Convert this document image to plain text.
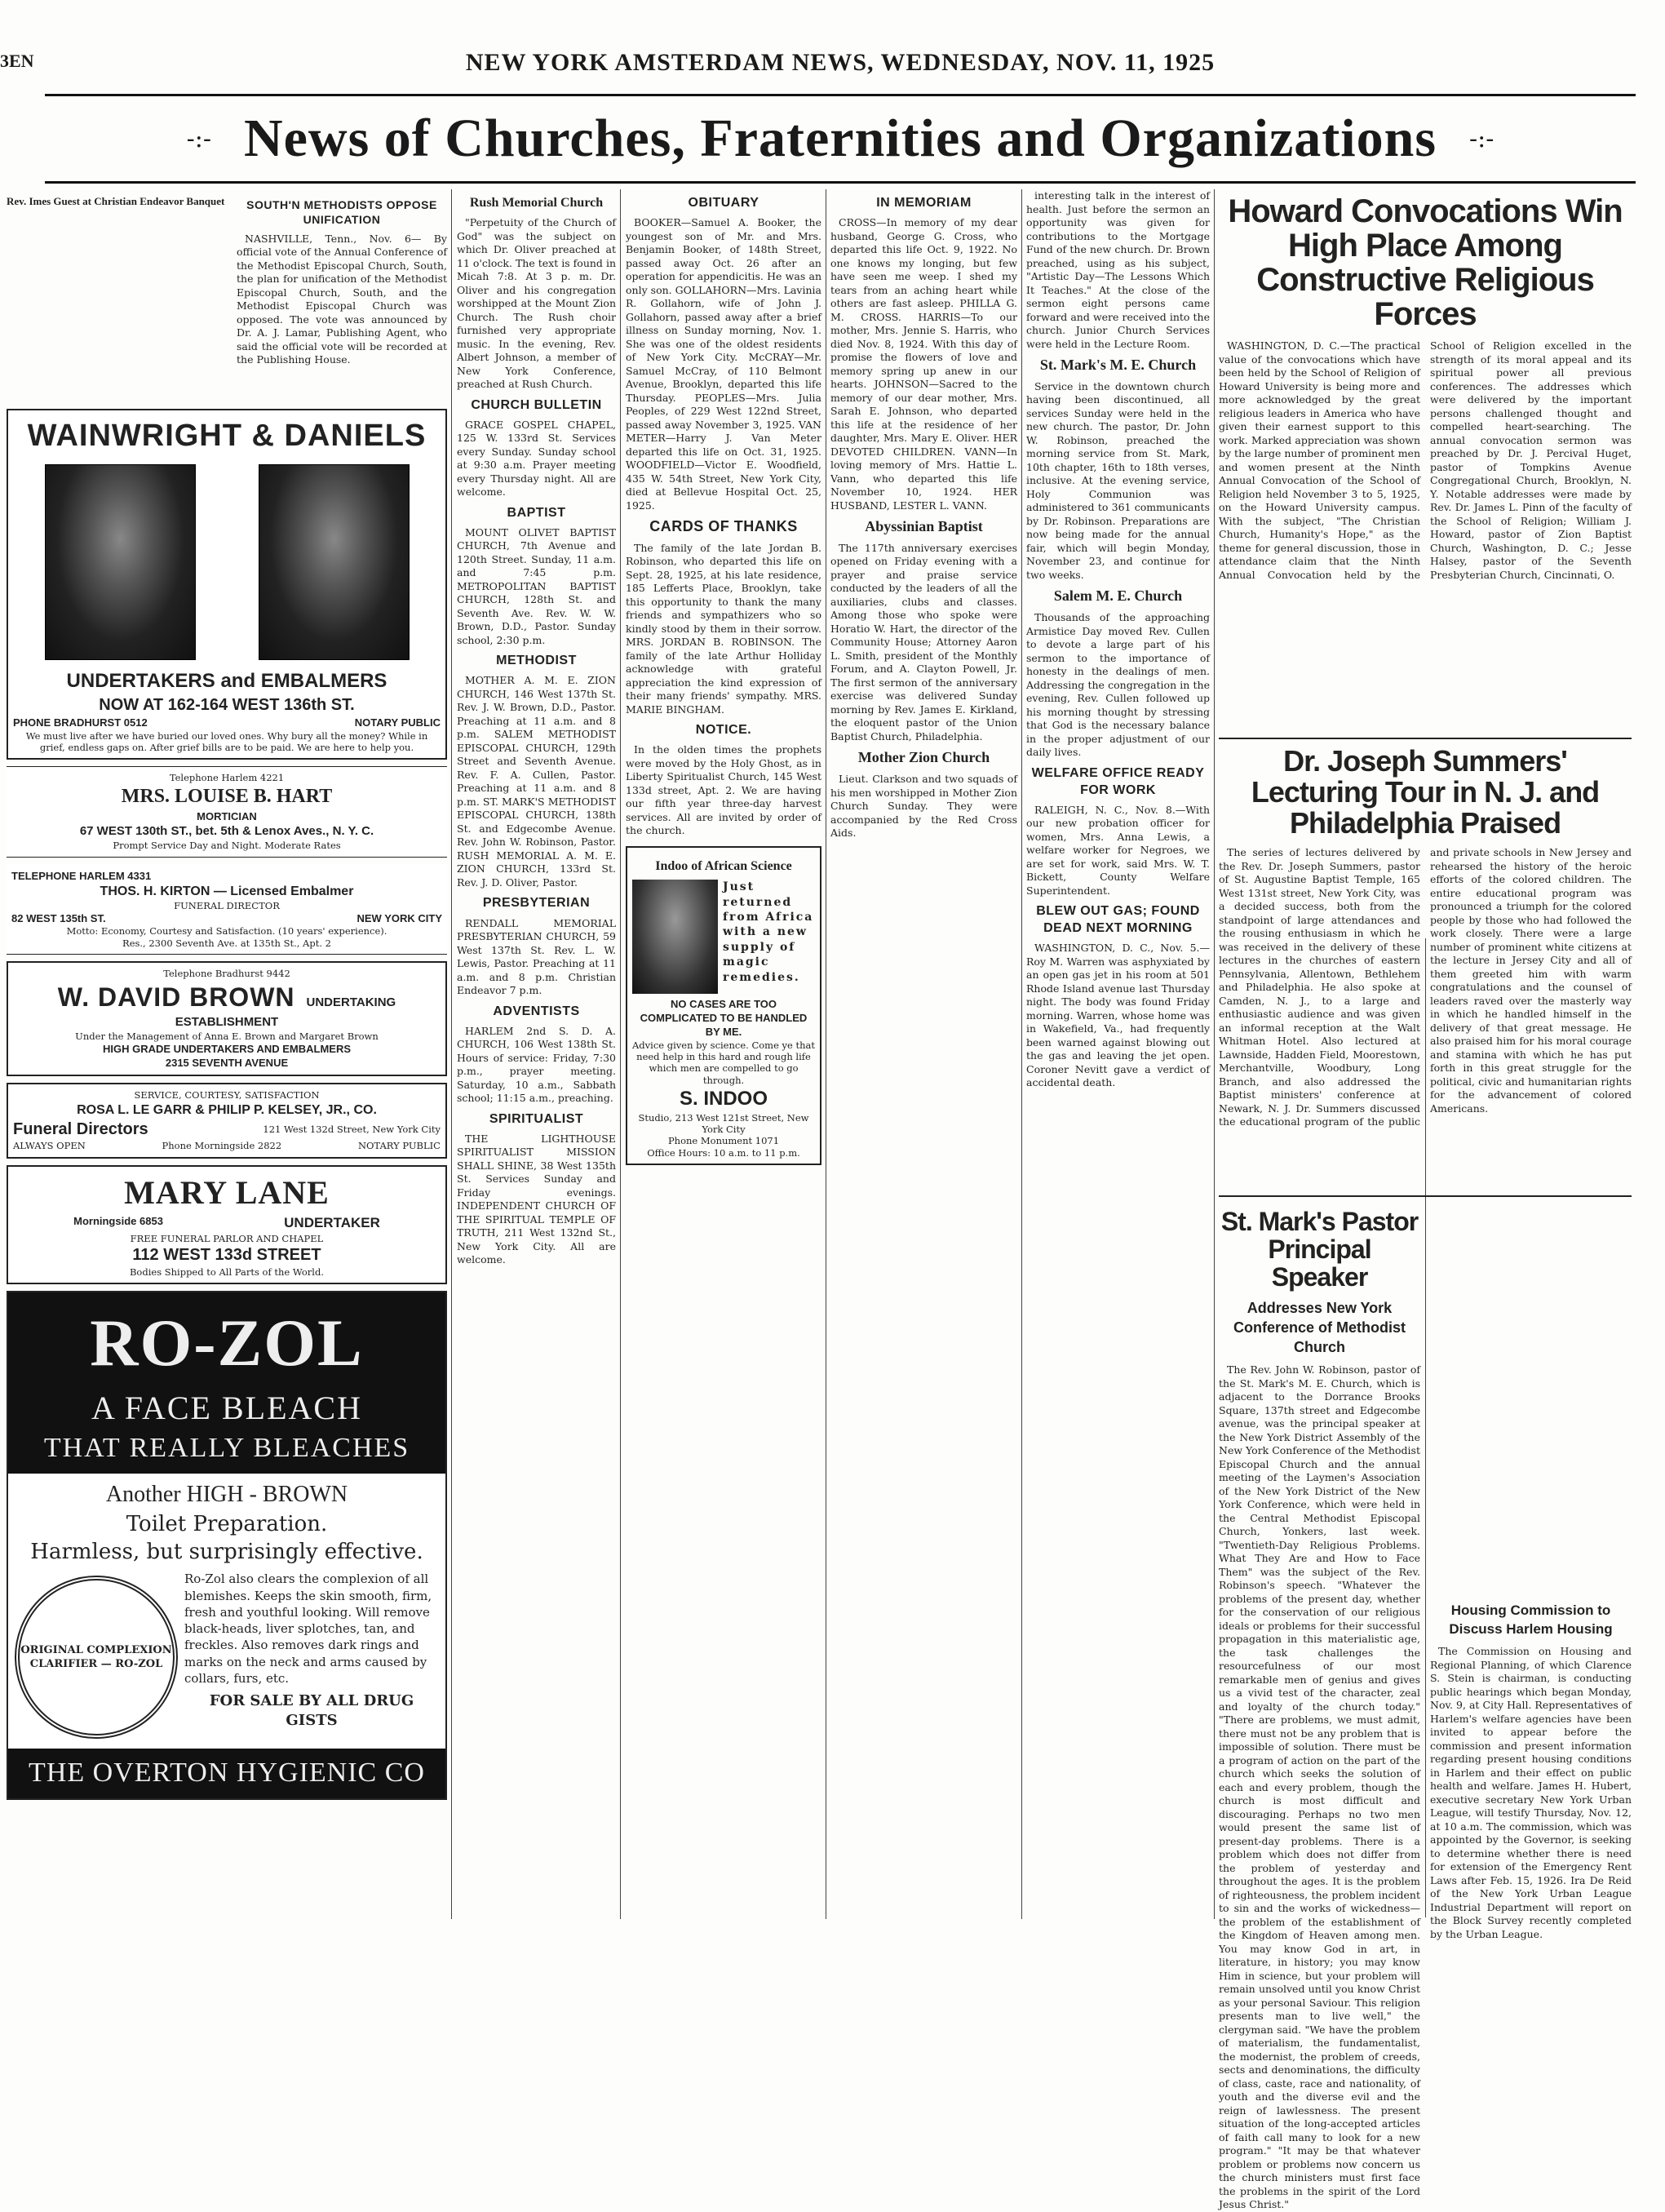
3EN	NEW YORK AMSTERDAM NEWS, WEDNESDAY, NOV. 11, 1925
-:- News of Churches, Fraternities and Organizations -:-
Rev. Imes Guest at Christian Endeavor Banquet
WAINWRIGHT & DANIELS
UNDERTAKERS and EMBALMERS
NOW AT 162-164 WEST 136th ST.
PHONE BRADHURST 0512	NOTARY PUBLIC
We must live after we have buried our loved ones. Why bury all the money? While in grief, endless gaps on. After grief bills are to be paid. We are here to help you.
Telephone Harlem 4221
MRS. LOUISE B. HART
MORTICIAN
67 WEST 130th ST., bet. 5th & Lenox Aves., N. Y. C.
Prompt Service Day and Night. Moderate Rates
TELEPHONE HARLEM 4331
THOS. H. KIRTON — Licensed Embalmer
FUNERAL DIRECTOR
82 WEST 135th ST.	NEW YORK CITY
Motto: Economy, Courtesy and Satisfaction. (10 years' experience).
Res., 2300 Seventh Ave. at 135th St., Apt. 2
Telephone Bradhurst 9442
W. DAVID BROWN UNDERTAKING ESTABLISHMENT
Under the Management of Anna E. Brown and Margaret Brown
HIGH GRADE UNDERTAKERS AND EMBALMERS
2315 SEVENTH AVENUE
SERVICE, COURTESY, SATISFACTION
ROSA L. LE GARR & PHILIP P. KELSEY, JR., CO.
Funeral Directors	121 West 132d Street, New York City
ALWAYS OPEN	Phone Morningside 2822	NOTARY PUBLIC
MARY LANE
Morningside 6853	UNDERTAKER
FREE FUNERAL PARLOR AND CHAPEL
112 WEST 133d STREET
Bodies Shipped to All Parts of the World.
RO-ZOL
A FACE BLEACH
THAT REALLY BLEACHES
Another HIGH - BROWN
Toilet Preparation.
Harmless, but surprisingly effective.
ORIGINAL COMPLEXION CLARIFIER — RO-ZOL
Ro-Zol also clears the complexion of all blemishes. Keeps the skin smooth, firm, fresh and youthful looking. Will remove black-heads, liver splotches, tan, and freckles. Also removes dark rings and marks on the neck and arms caused by collars, furs, etc.
FOR SALE BY ALL DRUG GISTS
THE OVERTON HYGIENIC CO
SOUTH'N METHODISTS OPPOSE UNIFICATION

NASHVILLE, Tenn., Nov. 6— By official vote of the Annual Conference of the Methodist Episcopal Church, South, the plan for unification of the Methodist Episcopal Church, South, and the Methodist Episcopal Church was opposed. The vote was announced by Dr. A. J. Lamar, Publishing Agent, who said the official vote will be recorded at the Publishing House.

Rush Memorial Church

"Perpetuity of the Church of God" was the subject on which Dr. Oliver preached at 11 o'clock. The text is found in Micah 7:8. At 3 p. m. Dr. Oliver and his congregation worshipped at the Mount Zion Church. The Rush choir furnished very appropriate music. In the evening, Rev. Albert Johnson, a member of New York Conference, preached at Rush Church.

CHURCH BULLETIN

GRACE GOSPEL CHAPEL, 125 W. 133rd St. Services every Sunday. Sunday school at 9:30 a.m. Prayer meeting every Thursday night. All are welcome.

BAPTIST

MOUNT OLIVET BAPTIST CHURCH, 7th Avenue and 120th Street. Sunday, 11 a.m. and 7:45 p.m. METROPOLITAN BAPTIST CHURCH, 128th St. and Seventh Ave. Rev. W. W. Brown, D.D., Pastor. Sunday school, 2:30 p.m.

METHODIST

MOTHER A. M. E. ZION CHURCH, 146 West 137th St. Rev. J. W. Brown, D.D., Pastor. Preaching at 11 a.m. and 8 p.m. SALEM METHODIST EPISCOPAL CHURCH, 129th Street and Seventh Avenue. Rev. F. A. Cullen, Pastor. Preaching at 11 a.m. and 8 p.m. ST. MARK'S METHODIST EPISCOPAL CHURCH, 138th St. and Edgecombe Avenue. Rev. John W. Robinson, Pastor. RUSH MEMORIAL A. M. E. ZION CHURCH, 133rd St. Rev. J. D. Oliver, Pastor.

PRESBYTERIAN

RENDALL MEMORIAL PRESBYTERIAN CHURCH, 59 West 137th St. Rev. L. W. Lewis, Pastor. Preaching at 11 a.m. and 8 p.m. Christian Endeavor 7 p.m.

ADVENTISTS

HARLEM 2nd S. D. A. CHURCH, 106 West 138th St. Hours of service: Friday, 7:30 p.m., prayer meeting. Saturday, 10 a.m., Sabbath school; 11:15 a.m., preaching.

SPIRITUALIST

THE LIGHTHOUSE SPIRITUALIST MISSION SHALL SHINE, 38 West 135th St. Services Sunday and Friday evenings. INDEPENDENT CHURCH OF THE SPIRITUAL TEMPLE OF TRUTH, 211 West 132nd St., New York City. All are welcome.

OBITUARY

BOOKER—Samuel A. Booker, the youngest son of Mr. and Mrs. Benjamin Booker, of 148th Street, passed away Oct. 26 after an operation for appendicitis. He was an only son. GOLLAHORN—Mrs. Lavinia R. Gollahorn, wife of John J. Gollahorn, passed away after a brief illness on Sunday morning, Nov. 1. She was one of the oldest residents of New York City. McCRAY—Mr. Samuel McCray, of 110 Belmont Avenue, Brooklyn, departed this life Thursday. PEOPLES—Mrs. Julia Peoples, of 229 West 122nd Street, passed away November 3, 1925. VAN METER—Harry J. Van Meter departed this life on Oct. 31, 1925. WOODFIELD—Victor E. Woodfield, 435 W. 54th Street, New York City, died at Bellevue Hospital Oct. 25, 1925.

CARDS OF THANKS

The family of the late Jordan B. Robinson, who departed this life on Sept. 28, 1925, at his late residence, 185 Lefferts Place, Brooklyn, take this opportunity to thank the many friends and sympathizers who so kindly stood by them in their sorrow. MRS. JORDAN B. ROBINSON. The family of the late Arthur Holliday acknowledge with grateful appreciation the kind expression of their many friends' sympathy. MRS. MARIE BINGHAM.

NOTICE.

In the olden times the prophets were moved by the Holy Ghost, as in Liberty Spiritualist Church, 145 West 133d street, Apt. 2. We are having our fifth year three-day harvest services. All are invited by order of the church.

Indoo of African Science
Just returned from Africa with a new supply of magic remedies.
NO CASES ARE TOO COMPLICATED TO BE HANDLED BY ME.
Advice given by science. Come ye that need help in this hard and rough life which men are compelled to go through.
S. INDOO
Studio, 213 West 121st Street, New York City
Phone Monument 1071
Office Hours: 10 a.m. to 11 p.m.
IN MEMORIAM

CROSS—In memory of my dear husband, George G. Cross, who departed this life Oct. 9, 1922. No one knows my longing, but few have seen me weep. I shed my tears from an aching heart while others are fast asleep. PHILLA G. M. CROSS. HARRIS—To our mother, Mrs. Jennie S. Harris, who died Nov. 8, 1924. With this day of promise the flowers of love and memory spring up anew in our hearts. JOHNSON—Sacred to the memory of our dear mother, Mrs. Sarah E. Johnson, who departed this life at the residence of her daughter, Mrs. Mary E. Oliver. HER DEVOTED CHILDREN. VANN—In loving memory of Mrs. Hattie L. Vann, who departed this life November 10, 1924. HER HUSBAND, LESTER L. VANN.

Abyssinian Baptist

The 117th anniversary exercises opened on Friday evening with a prayer and praise service conducted by the leaders of all the auxiliaries, clubs and classes. Among those who spoke were Horatio W. Hart, the director of the Community House; Attorney Aaron L. Smith, president of the Monthly Forum, and A. Clayton Powell, Jr. The first sermon of the anniversary exercise was delivered Sunday morning by Rev. James E. Kirkland, the eloquent pastor of the Union Baptist Church, Philadelphia.

Mother Zion Church

Lieut. Clarkson and two squads of his men worshipped in Mother Zion Church Sunday. They were accompanied by the Red Cross Aids.

interesting talk in the interest of health. Just before the sermon an opportunity was given for contributions to the Mortgage Fund of the new church. Dr. Brown preached, using as his subject, "Artistic Day—The Lessons Which It Teaches." At the close of the sermon eight persons came forward and were received into the church. Junior Church Services were held in the Lecture Room.

St. Mark's M. E. Church

Service in the downtown church having been discontinued, all services Sunday were held in the new church. The pastor, Dr. John W. Robinson, preached the morning service from St. Mark, 10th chapter, 16th to 18th verses, inclusive. At the evening service, Holy Communion was administered to 361 communicants by Dr. Robinson. Preparations are now being made for the annual fair, which will begin Monday, November 23, and continue for two weeks.

Salem M. E. Church

Thousands of the approaching Armistice Day moved Rev. Cullen to devote a large part of his sermon to the importance of honesty in the dealings of men. Addressing the congregation in the evening, Rev. Cullen followed up his morning thought by stressing that God is the necessary balance in the proper adjustment of our daily lives.

WELFARE OFFICE READY FOR WORK

RALEIGH, N. C., Nov. 8.—With our new probation officer for women, Mrs. Anna Lewis, a welfare worker for Negroes, we are set for work, said Mrs. W. T. Bickett, County Welfare Superintendent.

BLEW OUT GAS; FOUND DEAD NEXT MORNING

WASHINGTON, D. C., Nov. 5.—Roy M. Warren was asphyxiated by an open gas jet in his room at 501 Rhode Island avenue last Thursday night. The body was found Friday morning. Warren, whose home was in Wakefield, Va., had frequently been warned against blowing out the gas and leaving the jet open. Coroner Nevitt gave a verdict of accidental death.

Howard Convocations Win High Place Among Constructive Religious Forces

WASHINGTON, D. C.—The practical value of the convocations which have been held by the School of Religion of Howard University is being more and more acknowledged by the great religious leaders in America who have given their earnest support to this work. Marked appreciation was shown by the large number of prominent men and women present at the Ninth Annual Convocation of the School of Religion held November 3 to 5, 1925, on the Howard University campus. With the subject, "The Christian Church, Humanity's Hope," as the theme for general discussion, those in attendance claim that the Ninth Annual Convocation held by the School of Religion excelled in the strength of its moral appeal and its spiritual power all previous conferences. The addresses which were delivered by the important persons challenged thought and compelled heart-searching. The annual convocation sermon was preached by Dr. J. Percival Huget, pastor of Tompkins Avenue Congregational Church, Brooklyn, N. Y. Notable addresses were made by Rev. Dr. James L. Pinn of the faculty of the School of Religion; William J. Howard, pastor of Zion Baptist Church, Washington, D. C.; Jesse Halsey, pastor of the Seventh Presbyterian Church, Cincinnati, O.

Dr. Joseph Summers' Lecturing Tour in N. J. and Philadelphia Praised

The series of lectures delivered by the Rev. Dr. Joseph Summers, pastor of St. Augustine Baptist Temple, 165 West 131st street, New York City, was a decided success, both from the standpoint of large attendances and the rousing enthusiasm in which he was received in the delivery of these lectures in the churches of eastern Pennsylvania, Allentown, Bethlehem and Philadelphia. He also spoke at Camden, N. J., to a large and enthusiastic audience and was given an informal reception at the Walt Whitman Hotel. Also lectured at Lawnside, Hadden Field, Moorestown, Merchantville, Woodbury, Long Branch, and also addressed the Baptist ministers' conference at Newark, N. J. Dr. Summers discussed the educational program of the public and private schools in New Jersey and rehearsed the history of the heroic efforts of the colored children. The entire educational program was pronounced a triumph for the colored people by those who had followed the work closely. There were a large number of prominent white citizens at the lecture in Jersey City and all of them greeted him with warm congratulations and the counsel of leaders raved over the masterly way in which he handled himself in the delivery of that great message. He also praised him for his moral courage and stamina with which he has put forth in this great struggle for the political, civic and humanitarian rights for the advancement of colored Americans.

St. Mark's Pastor Principal Speaker
Addresses New York Conference of Methodist Church

The Rev. John W. Robinson, pastor of the St. Mark's M. E. Church, which is adjacent to the Dorrance Brooks Square, 137th street and Edgecombe avenue, was the principal speaker at the New York District Assembly of the New York Conference of the Methodist Episcopal Church and the annual meeting of the Laymen's Association of the New York District of the New York Conference, which were held in the Central Methodist Episcopal Church, Yonkers, last week. "Twentieth-Day Religious Problems. What They Are and How to Face Them" was the subject of the Rev. Robinson's speech. "Whatever the problems of the present day, whether for the conservation of our religious ideals or problems for their successful propagation in this materialistic age, the task challenges the resourcefulness of our most remarkable men of genius and gives us a vivid test of the character, zeal and loyalty of the church today." "There are problems, we must admit, there must not be any problem that is impossible of solution. There must be a program of action on the part of the church which seeks the solution of each and every problem, though the church is most difficult and discouraging. Perhaps no two men would present the same list of present-day problems. There is a problem which does not differ from the problem of yesterday and throughout the ages. It is the problem of righteousness, the problem incident to sin and the works of wickedness—the problem of the establishment of the Kingdom of Heaven among men. You may know God in art, in literature, in history; you may know Him in science, but your problem will remain unsolved until you know Christ as your personal Saviour. This religion presents man to live well," the clergyman said. "We have the problem of materialism, the fundamentalist, the modernist, the problem of creeds, sects and denominations, the difficulty of class, caste, race and nationality, of youth and the diverse evil and the reign of lawlessness. The present situation of the long-accepted articles of faith call many to look for a new program." "It may be that whatever problem or problems now concern us the church ministers must first face the problems in the spirit of the Lord Jesus Christ."

Housing Commission to Discuss Harlem Housing

The Commission on Housing and Regional Planning, of which Clarence S. Stein is chairman, is conducting public hearings which began Monday, Nov. 9, at City Hall. Representatives of Harlem's welfare agencies have been invited to appear before the commission and present information regarding present housing conditions in Harlem and their effect on public health and welfare. James H. Hubert, executive secretary New York Urban League, will testify Thursday, Nov. 12, at 10 a.m. The commission, which was appointed by the Governor, is seeking to determine whether there is need for extension of the Emergency Rent Laws after Feb. 15, 1926. Ira De Reid of the New York Urban League Industrial Department will report on the Block Survey recently completed by the Urban League.
